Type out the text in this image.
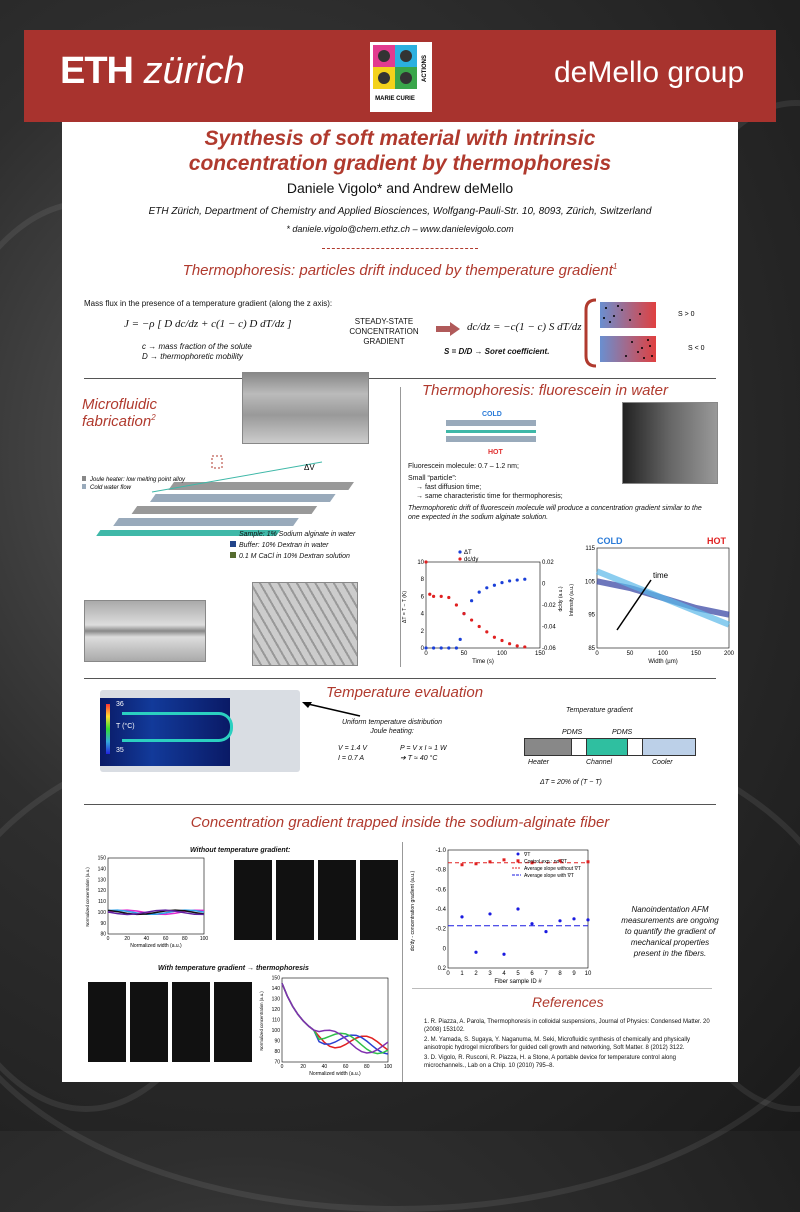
ETH zürich
MARIE CURIE
ACTIONS	deMello group
Synthesis of soft material with intrinsic
concentration gradient by thermophoresis
Daniele Vigolo* and Andrew deMello
ETH Zürich, Department of Chemistry and Applied Biosciences, Wolfgang-Pauli-Str. 10, 8093, Zürich, Switzerland
* daniele.vigolo@chem.ethz.ch – www.danielevigolo.com
Thermophoresis: particles drift induced by themperature gradient$^1$
Mass flux in the presence of a temperature gradient (along the z axis):
J = −ρ [ D dc/dz + c(1 − c) D dT/dz ]
c → mass fraction of the solute
D → thermophoretic mobility
STEADY-STATE CONCENTRATION GRADIENT
dc/dz = −c(1 − c) S dT/dz
S = D/D → Soret coefficient.
S > 0
S < 0
Microfluidic
fabrication$^2$
ΔV
Joule heater: low melting point alloy
Cold water flow
Sample: 1% Sodium alginate in water
Buffer: 10% Dextran in water
0.1 M CaCl in 10% Dextran solution
Thermophoresis: fluorescein in water
COLD
HOT
Fluorescein molecule: 0.7 – 1.2 nm;
Small “particle”:
→ fast diffusion time;
→ same characteristic time for thermophoresis;
Thermophoretic drift of fluorescein molecule will produce a concentration gradient similar to the one expected in the sodium alginate solution.
0	50	100	150
0
2
4
6
8
10
Time (s)
ΔT = T − T (K)
0.02
0
-0.02
-0.04
-0.06
dc/dy (a.u.)
ΔT
dc/dy
0	50	100	150	200
85
95
105
115
Width (µm)
Intensity (a.u.)
COLD	HOT
time
Temperature evaluation
36
T (°C)
35
Uniform temperature distribution
Joule heating:
V = 1.4 V
I = 0.7 A
P = V x I ≈ 1 W
➔ T ≈ 40 °C
Temperature gradient
PDMS	PDMS
Heater	Channel	Cooler
ΔT = 20% of (T − T)
Concentration gradient trapped inside the sodium-alginate fiber
Without temperature gradient:
0	20	40	60	80 100
80
90
100
110
120
130
140
150
Normalized width (a.u.)
Normalized concentration (a.u.)
With temperature gradient → thermophoresis
0	20	40	60	80	100
70
80
90
100
110
120
130
140
150
Normalized width (a.u.)
Normalized concentration (a.u.)
0 1 2 3 4 5 6 7 8 9 10
0.2
0
-0.2
-0.4
-0.6
-0.8
-1.0
Fiber sample ID #
dc/dy - concentration gradient (a.u.)
∇T
Control exp.: no ∇T
Average slope without ∇T
Average slope with ∇T
Nanoindentation AFM measurements are ongoing to quantify the gradient of mechanical properties present in the fibers.
References
1. R. Piazza, A. Parola, Thermophoresis in colloidal suspensions, Journal of Physics: Condensed Matter. 20 (2008) 153102.
2. M. Yamada, S. Sugaya, Y. Naganuma, M. Seki, Microfluidic synthesis of chemically and physically anisotropic hydrogel microfibers for guided cell growth and networking, Soft Matter. 8 (2012) 3122.
3. D. Vigolo, R. Rusconi, R. Piazza, H. a Stone, A portable device for temperature control along microchannels., Lab on a Chip. 10 (2010) 795–8.
